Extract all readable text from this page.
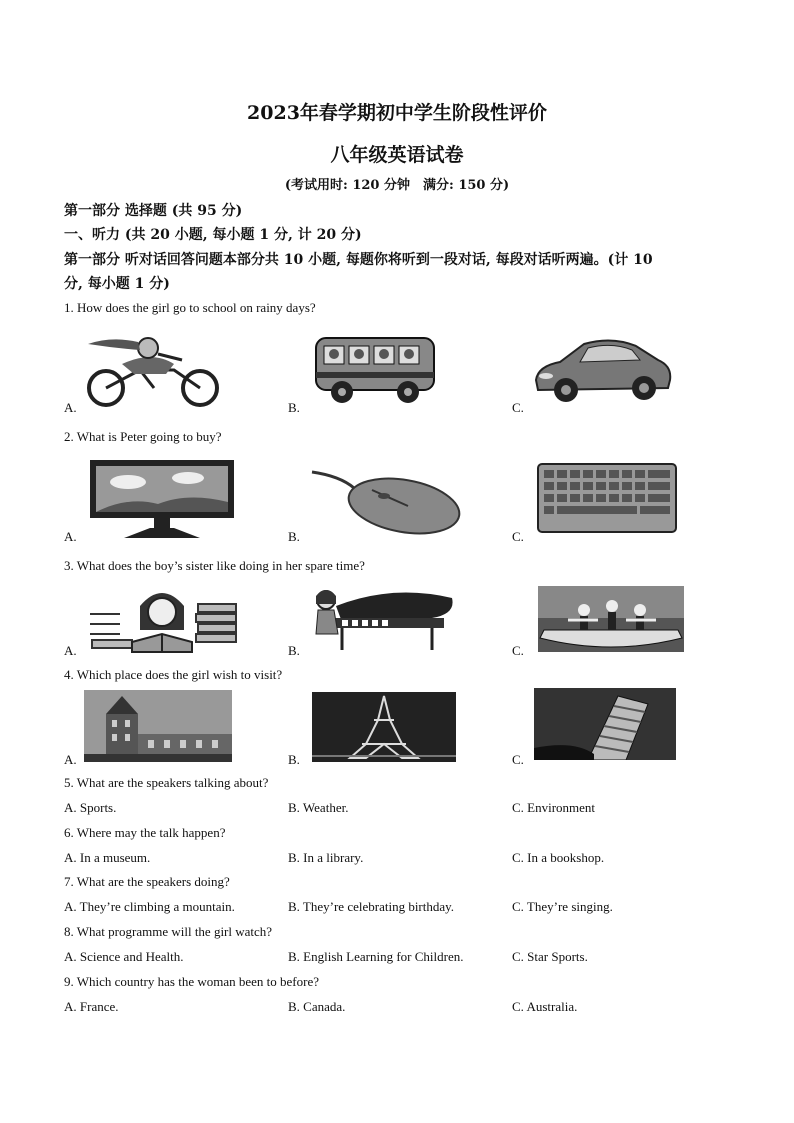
2023年春学期初中学生阶段性评价
八年级英语试卷
(考试用时: 120 分钟　满分: 150 分)
第一部分 选择题 (共 95 分)
一、听力 (共 20 小题, 每小题 1 分, 计 20 分)
第一部分 听对话回答问题本部分共 10 小题, 每题你将听到一段对话, 每段对话听两遍。(计 10
分, 每小题 1 分)
1. How does the girl go to school on rainy days?
A.	B.	C.
2. What is Peter going to buy?
A.	B.	C.
3. What does the boy’s sister like doing in her spare time?
A.	B.	C.
4. Which place does the girl wish to visit?
A.	B.	C.
5. What are the speakers talking about?
A. Sports.	B. Weather.	C. Environment
6. Where may the talk happen?
A. In a museum.	B. In a library.	C. In a bookshop.
7. What are the speakers doing?
A. They’re climbing a mountain.	B. They’re celebrating birthday.	C. They’re singing.
8. What programme will the girl watch?
A. Science and Health.	B. English Learning for Children.	C. Star Sports.
9. Which country has the woman been to before?
A. France.	B. Canada.	C. Australia.
